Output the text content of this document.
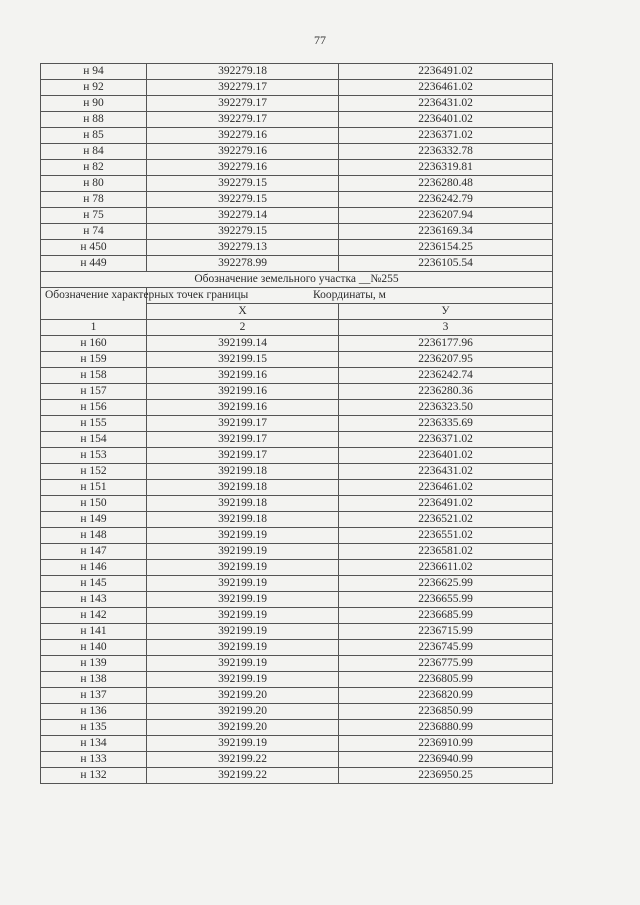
77
н 94	392279.18	2236491.02
н 92	392279.17	2236461.02
н 90	392279.17	2236431.02
н 88	392279.17	2236401.02
н 85	392279.16	2236371.02
н 84	392279.16	2236332.78
н 82	392279.16	2236319.81
н 80	392279.15	2236280.48
н 78	392279.15	2236242.79
н 75	392279.14	2236207.94
н 74	392279.15	2236169.34
н 450	392279.13	2236154.25
н 449	392278.99	2236105.54
Обозначение земельного участка __№255		
Обозначение характерных точек границы	Координаты, м	
	Х	У
1	2	3
н 160	392199.14	2236177.96
н 159	392199.15	2236207.95
н 158	392199.16	2236242.74
н 157	392199.16	2236280.36
н 156	392199.16	2236323.50
н 155	392199.17	2236335.69
н 154	392199.17	2236371.02
н 153	392199.17	2236401.02
н 152	392199.18	2236431.02
н 151	392199.18	2236461.02
н 150	392199.18	2236491.02
н 149	392199.18	2236521.02
н 148	392199.19	2236551.02
н 147	392199.19	2236581.02
н 146	392199.19	2236611.02
н 145	392199.19	2236625.99
н 143	392199.19	2236655.99
н 142	392199.19	2236685.99
н 141	392199.19	2236715.99
н 140	392199.19	2236745.99
н 139	392199.19	2236775.99
н 138	392199.19	2236805.99
н 137	392199.20	2236820.99
н 136	392199.20	2236850.99
н 135	392199.20	2236880.99
н 134	392199.19	2236910.99
н 133	392199.22	2236940.99
н 132	392199.22	2236950.25
